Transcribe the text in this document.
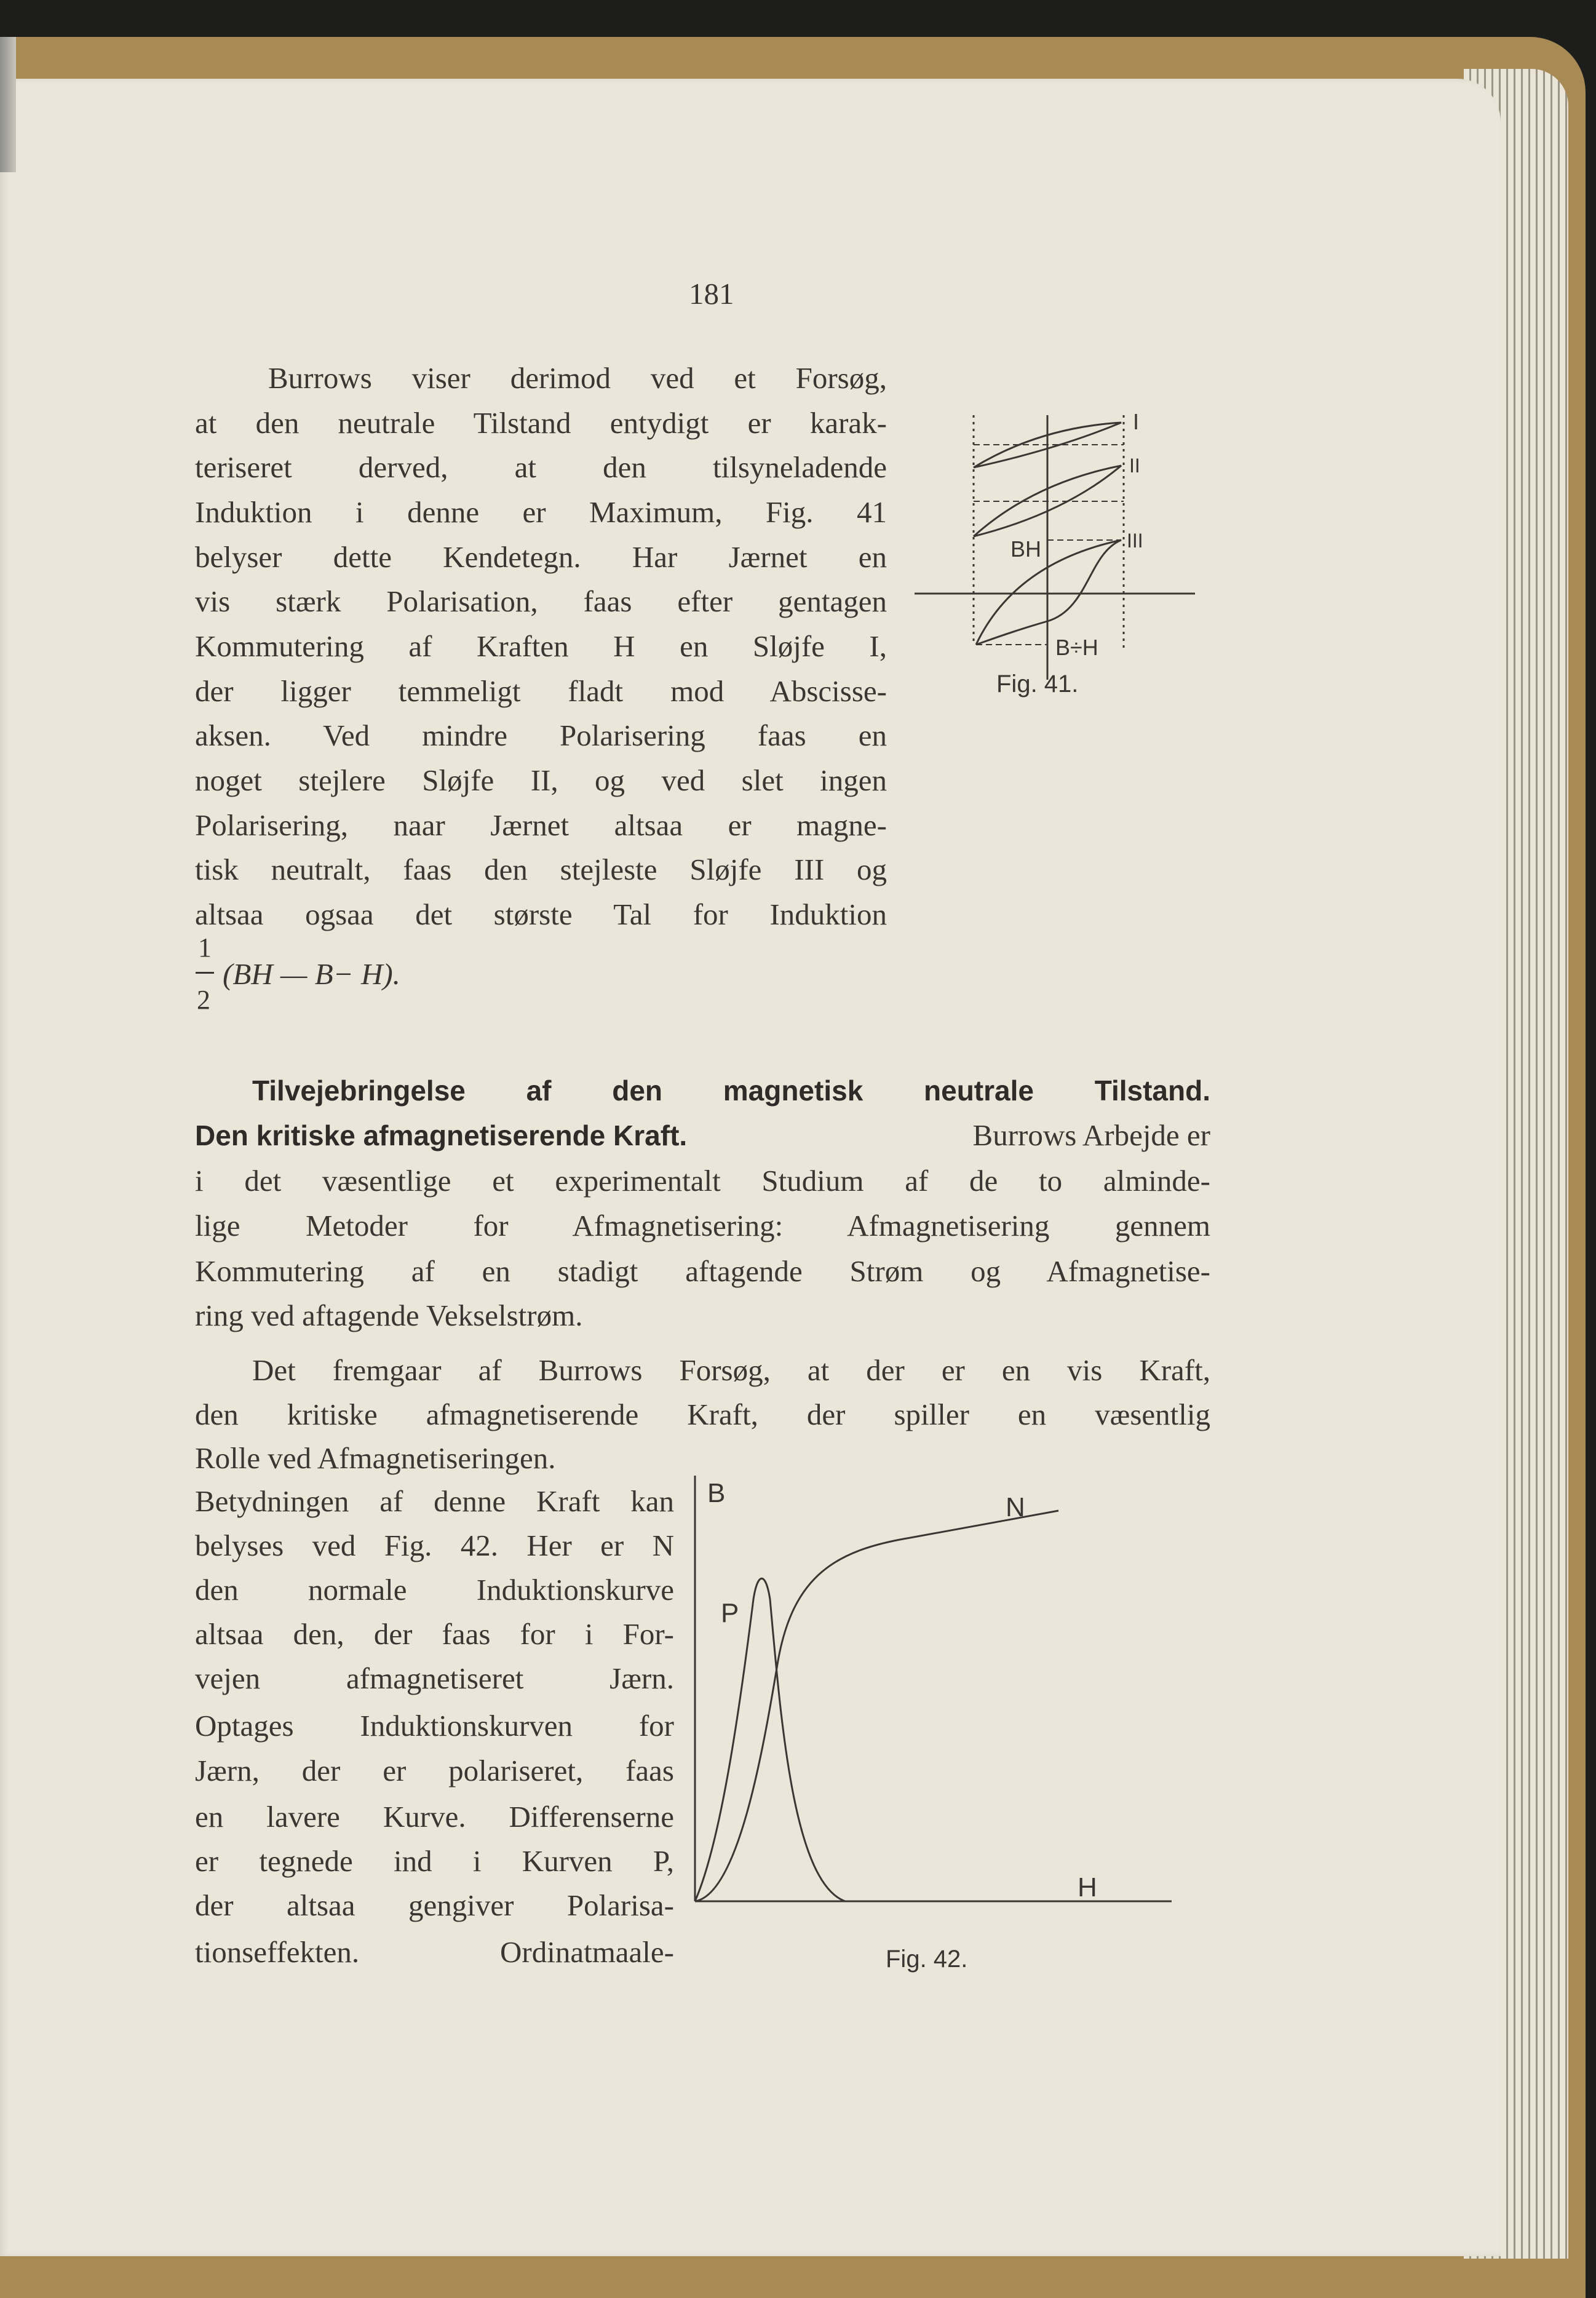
181
Burrows viser derimod ved et Forsøg,
at den neutrale Tilstand entydigt er karak-
teriseret derved, at den tilsyneladende
Induktion i denne er Maximum, Fig. 41
belyser dette Kendetegn. Har Jærnet en
vis stærk Polarisation, faas efter gentagen
Kommutering af Kraften H en Sløjfe I,
der ligger temmeligt fladt mod Abscisse-
aksen. Ved mindre Polarisering faas en
noget stejlere Sløjfe II, og ved slet ingen
Polarisering, naar Jærnet altsaa er magne-
tisk neutralt, faas den stejleste Sløjfe III og
altsaa ogsaa det største Tal for Induktion
1
2
(BH — B− H).
I
II
III
BH
B÷H
Fig. 41.
Tilvejebringelse af den magnetisk neutrale Tilstand.
Den kritiske afmagnetiserende Kraft.	Burrows Arbejde er
i det væsentlige et experimentalt Studium af de to alminde-
lige Metoder for Afmagnetisering: Afmagnetisering gennem
Kommutering af en stadigt aftagende Strøm og Afmagnetise-
ring ved aftagende Vekselstrøm.
Det fremgaar af Burrows Forsøg, at der er en vis Kraft,
den kritiske afmagnetiserende Kraft, der spiller en væsentlig
Rolle ved Afmagnetiseringen.
Betydningen af denne Kraft kan
belyses ved Fig. 42. Her er N
den normale Induktionskurve
altsaa den, der faas for i For-
vejen afmagnetiseret Jærn.
Optages Induktionskurven for
Jærn, der er polariseret, faas
en lavere Kurve. Differenserne
er tegnede ind i Kurven P,
der altsaa gengiver Polarisa-
tionseffekten. Ordinatmaale-
B	N
P
H
Fig. 42.
